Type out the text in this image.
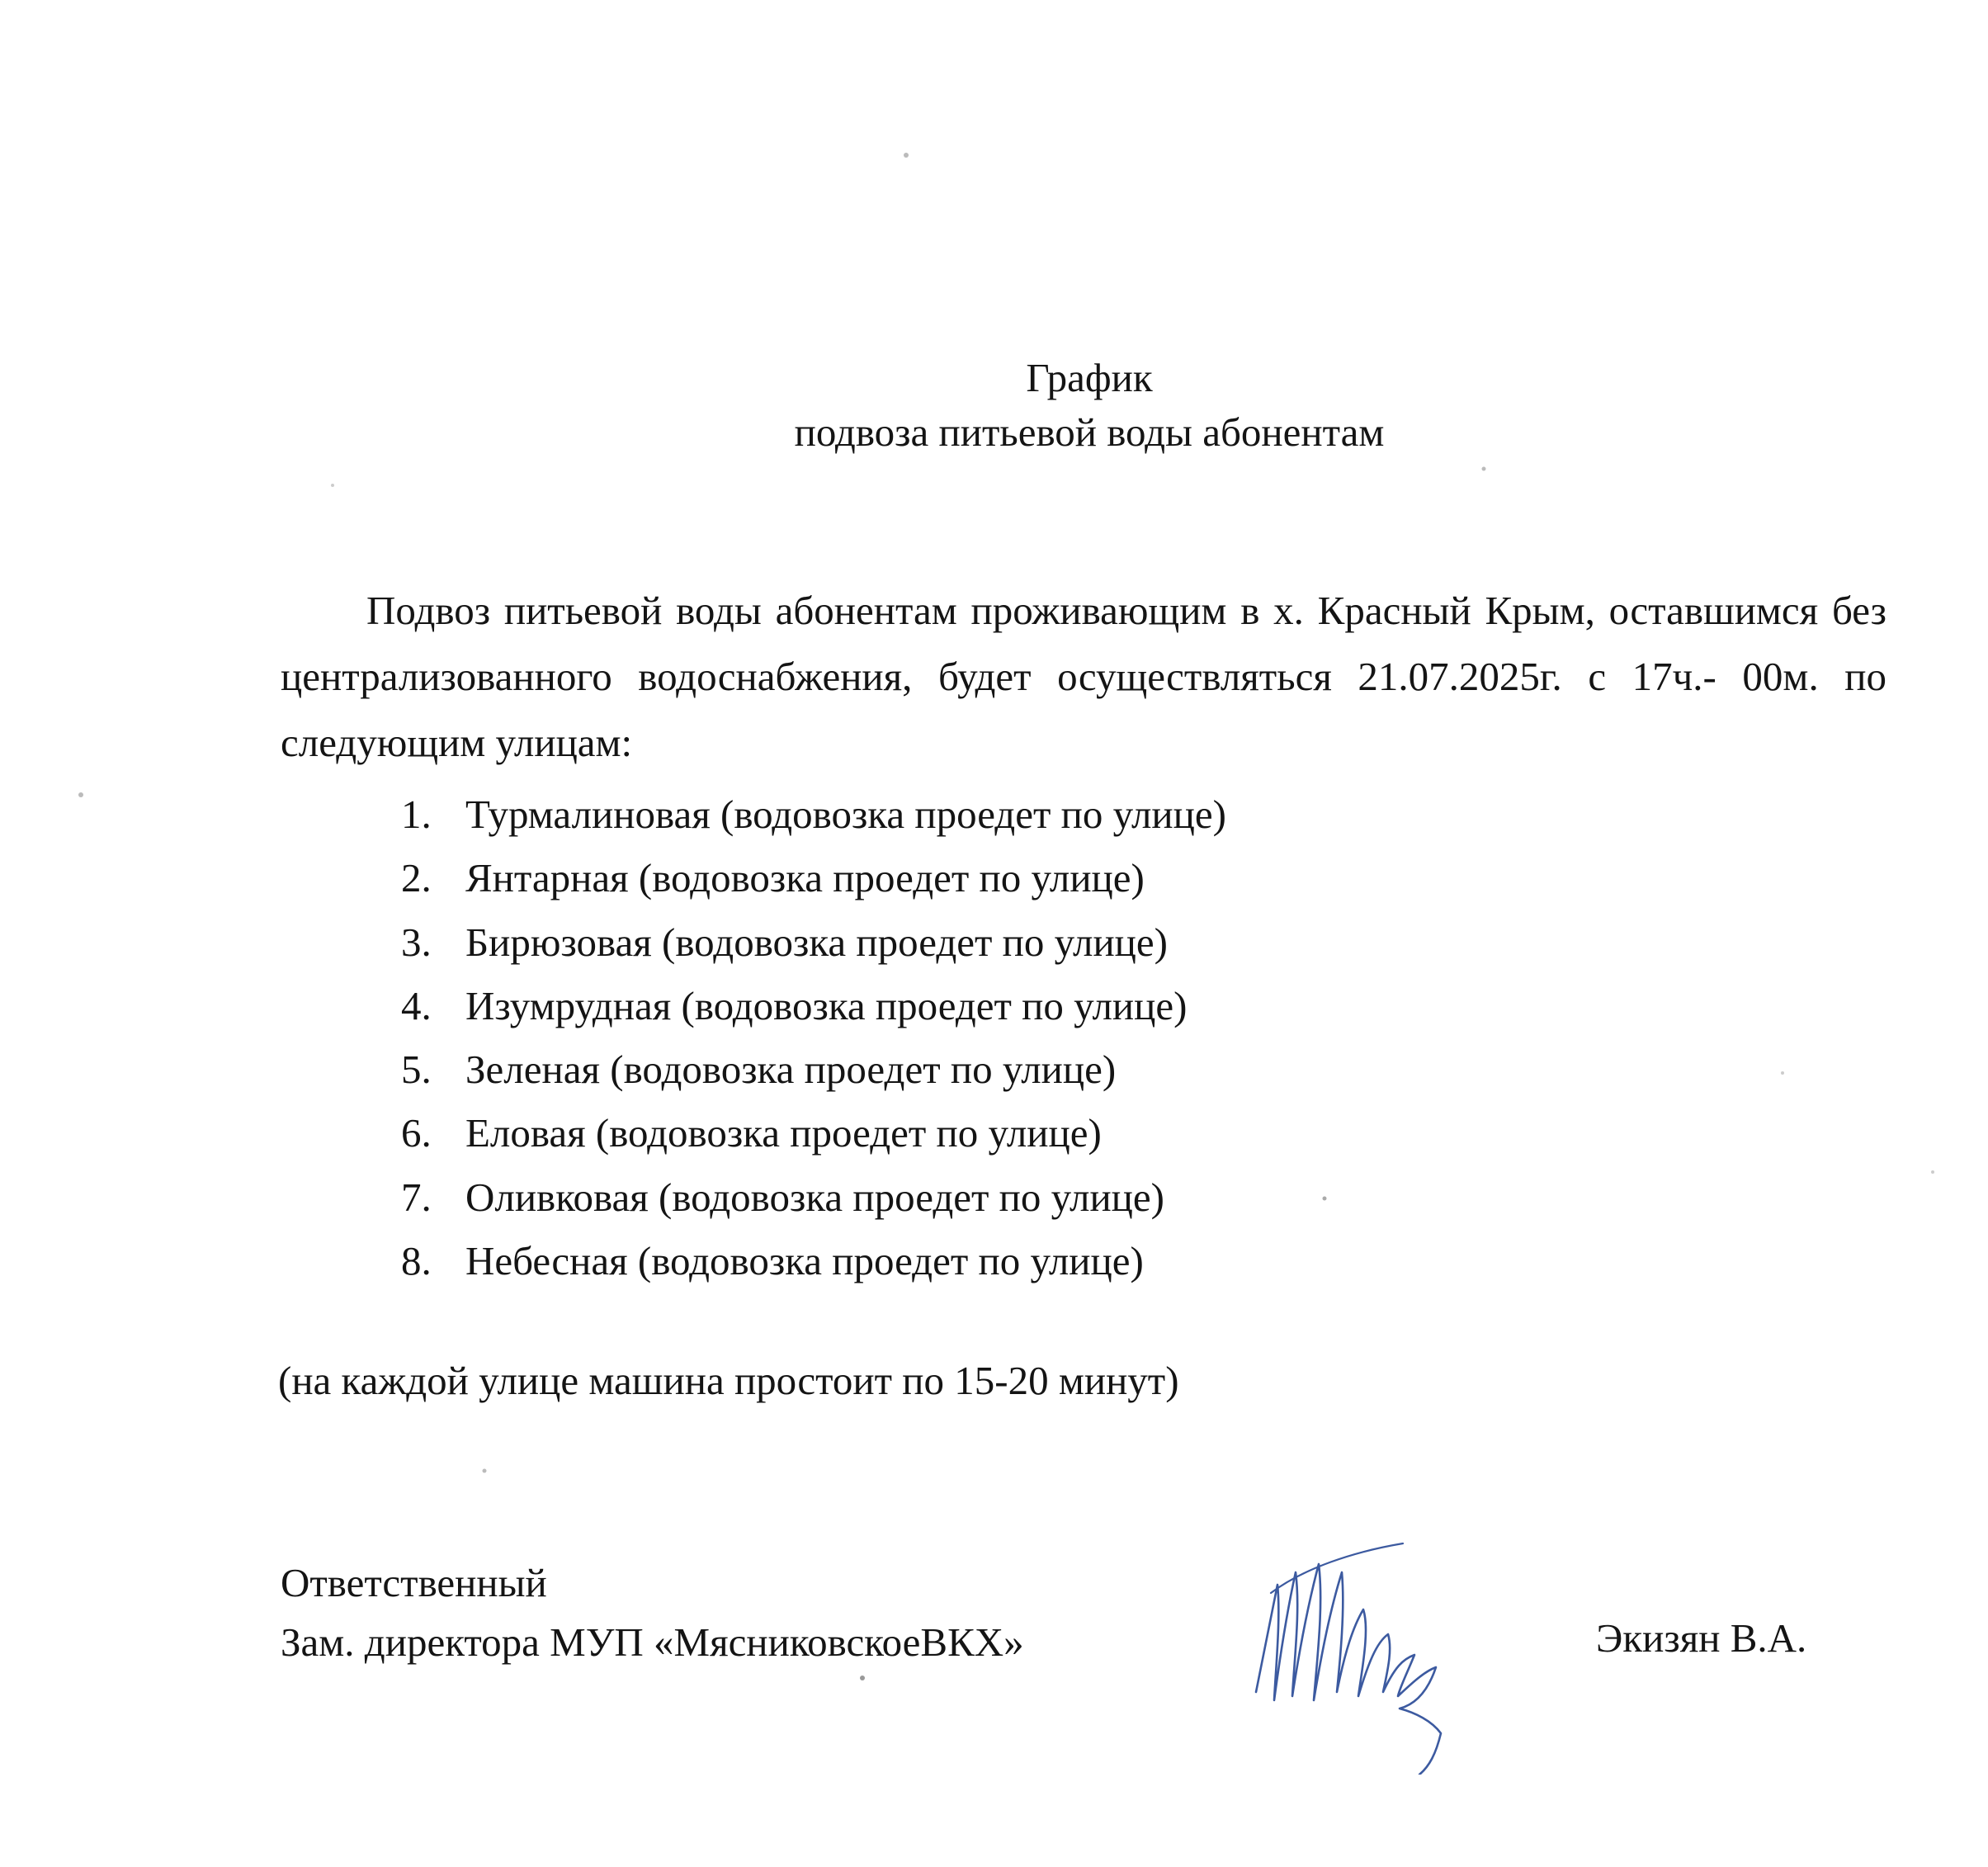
График
подвоза питьевой воды абонентам
Подвоз питьевой воды абонентам проживающим в х. Красный Крым, оставшимся без централизованного водоснабжения, будет осуществляться 21.07.2025г. с 17ч.- 00м. по следующим улицам:
1. Турмалиновая (водовозка проедет по улице)
2. Янтарная (водовозка проедет по улице)
3. Бирюзовая (водовозка проедет по улице)
4. Изумрудная (водовозка проедет по улице)
5. Зеленая (водовозка проедет по улице)
6. Еловая (водовозка проедет по улице)
7. Оливковая (водовозка проедет по улице)
8. Небесная (водовозка проедет по улице)
(на каждой улице машина простоит по 15-20 минут)
Ответственный
Зам. директора МУП «МясниковскоеВКХ»	Экизян В.А.
